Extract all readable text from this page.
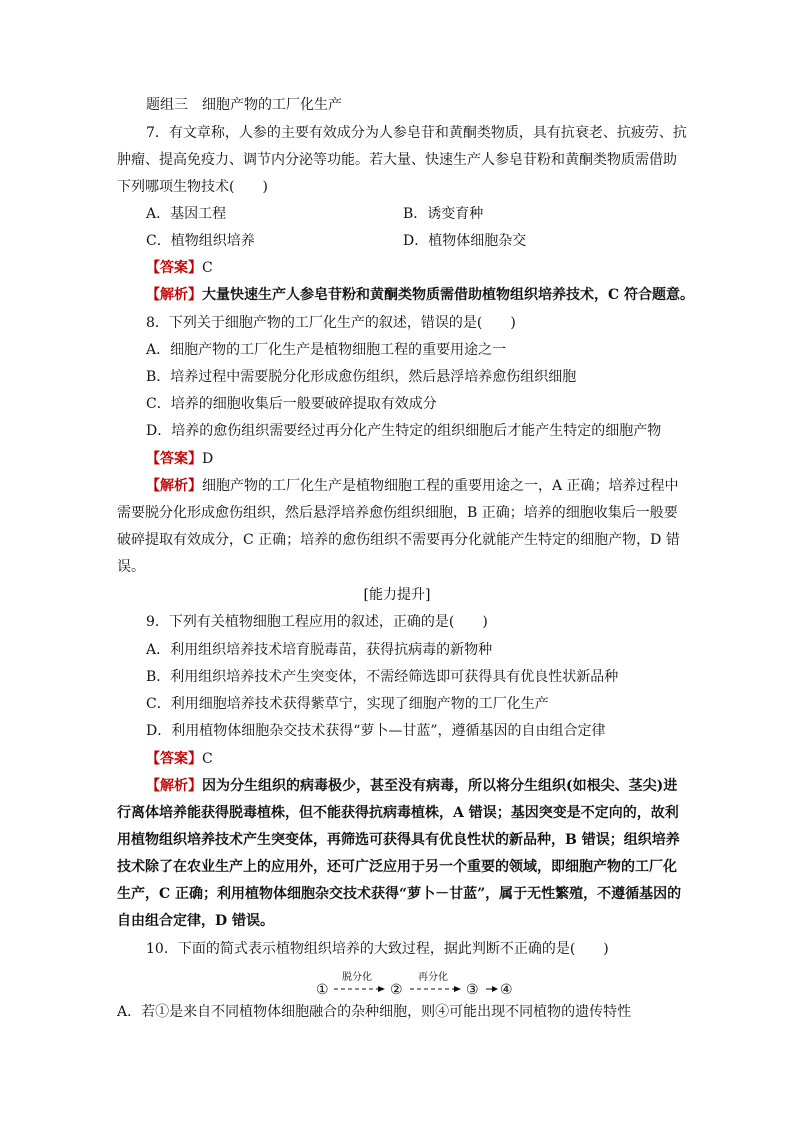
题组三　细胞产物的工厂化生产
7．有文章称，人参的主要有效成分为人参皂苷和黄酮类物质，具有抗衰老、抗疲劳、抗
肿瘤、提高免疫力、调节内分泌等功能。若大量、快速生产人参皂苷粉和黄酮类物质需借助
下列哪项生物技术(　　)
A．基因工程	B．诱变育种
C．植物组织培养	D．植物体细胞杂交
【答案】C
【解析】大量快速生产人参皂苷粉和黄酮类物质需借助植物组织培养技术，C 符合题意。
8．下列关于细胞产物的工厂化生产的叙述，错误的是(　　)
A．细胞产物的工厂化生产是植物细胞工程的重要用途之一
B．培养过程中需要脱分化形成愈伤组织，然后悬浮培养愈伤组织细胞
C．培养的细胞收集后一般要破碎提取有效成分
D．培养的愈伤组织需要经过再分化产生特定的组织细胞后才能产生特定的细胞产物
【答案】D
【解析】细胞产物的工厂化生产是植物细胞工程的重要用途之一，A 正确；培养过程中
需要脱分化形成愈伤组织，然后悬浮培养愈伤组织细胞，B 正确；培养的细胞收集后一般要
破碎提取有效成分，C 正确；培养的愈伤组织不需要再分化就能产生特定的细胞产物，D 错
误。
[能力提升]
9．下列有关植物细胞工程应用的叙述，正确的是(　　)
A．利用组织培养技术培育脱毒苗，获得抗病毒的新物种
B．利用组织培养技术产生突变体，不需经筛选即可获得具有优良性状新品种
C．利用细胞培养技术获得紫草宁，实现了细胞产物的工厂化生产
D．利用植物体细胞杂交技术获得“萝卜—甘蓝”，遵循基因的自由组合定律
【答案】C
【解析】因为分生组织的病毒极少，甚至没有病毒，所以将分生组织(如根尖、茎尖)进
行离体培养能获得脱毒植株，但不能获得抗病毒植株，A 错误；基因突变是不定向的，故利
用植物组织培养技术产生突变体，再筛选可获得具有优良性状的新品种，B 错误；组织培养
技术除了在农业生产上的应用外，还可广泛应用于另一个重要的领域，即细胞产物的工厂化
生产，C 正确；利用植物体细胞杂交技术获得“萝卜－甘蓝”，属于无性繁殖，不遵循基因的
自由组合定律，D 错误。
10．下面的简式表示植物组织培养的大致过程，据此判断不正确的是(　　)
①
脱分化
②
再分化
③ ④
A．若①是来自不同植物体细胞融合的杂种细胞，则④可能出现不同植物的遗传特性
